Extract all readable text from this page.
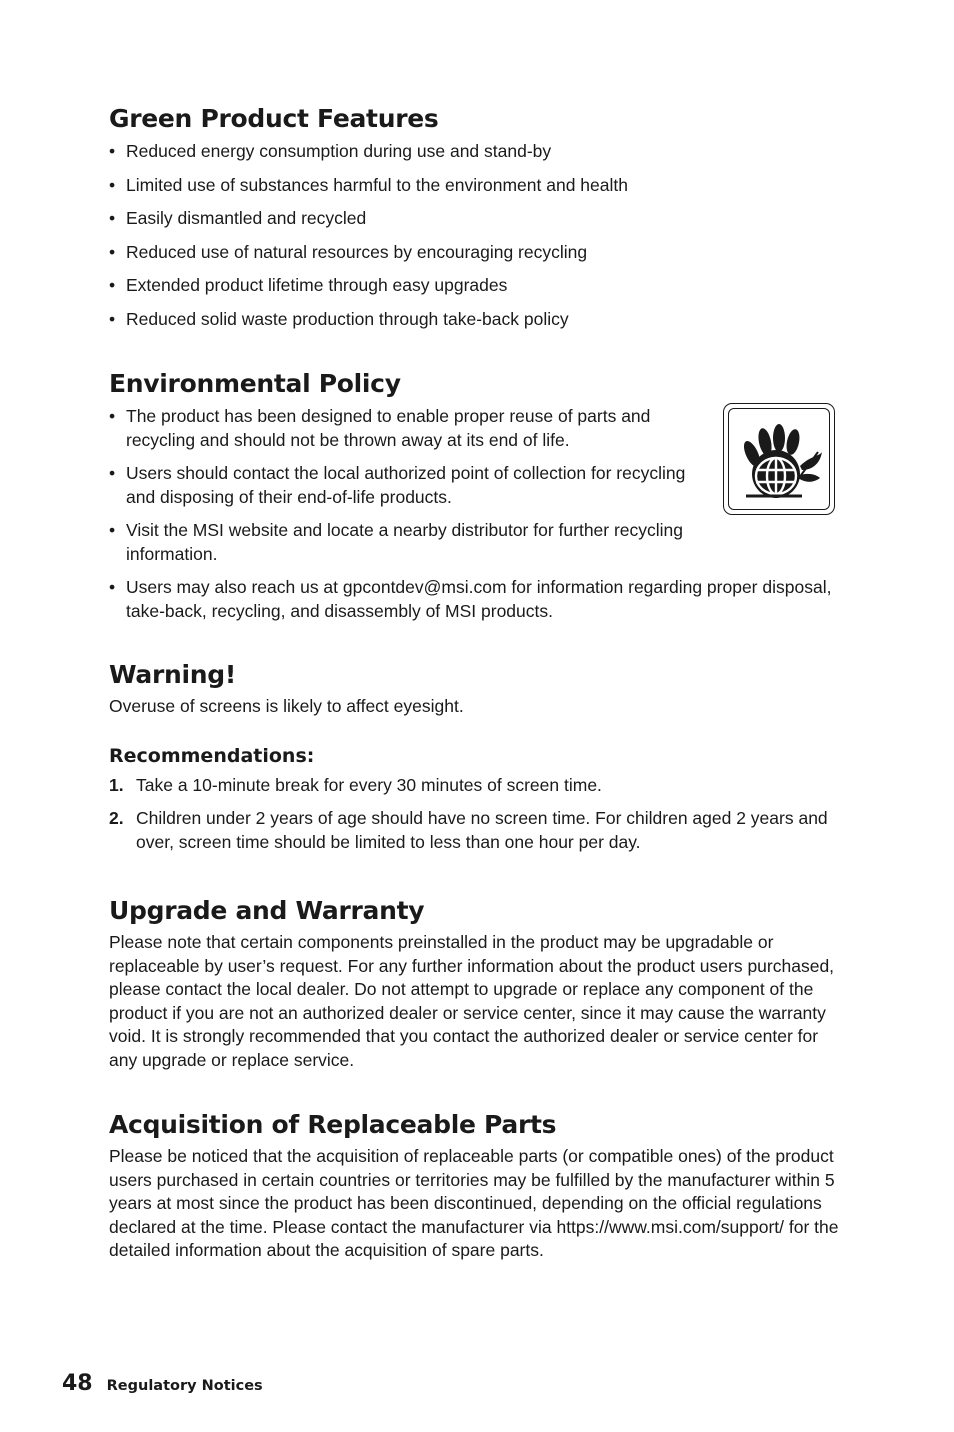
Green Product Features
• Reduced energy consumption during use and stand-by
• Limited use of substances harmful to the environment and health
• Easily dismantled and recycled
• Reduced use of natural resources by encouraging recycling
• Extended product lifetime through easy upgrades
• Reduced solid waste production through take-back policy
Environmental Policy
• The product has been designed to enable proper reuse of parts and recycling and should not be thrown away at its end of life.
• Users should contact the local authorized point of collection for recycling and disposing of their end-of-life products.
• Visit the MSI website and locate a nearby distributor for further recycling information.
• Users may also reach us at gpcontdev@msi.com for information regarding proper disposal, take-back, recycling, and disassembly of MSI products.
Warning!

Overuse of screens is likely to affect eyesight.

Recommendations:
1. Take a 10-minute break for every 30 minutes of screen time.
2. Children under 2 years of age should have no screen time. For children aged 2 years and over, screen time should be limited to less than one hour per day.
Upgrade and Warranty

Please note that certain components preinstalled in the product may be upgradable or replaceable by user’s request. For any further information about the product users purchased, please contact the local dealer. Do not attempt to upgrade or replace any component of the product if you are not an authorized dealer or service center, since it may cause the warranty void. It is strongly recommended that you contact the authorized dealer or service center for any upgrade or replace service.

Acquisition of Replaceable Parts

Please be noticed that the acquisition of replaceable parts (or compatible ones) of the product users purchased in certain countries or territories may be fulfilled by the manufacturer within 5 years at most since the product has been discontinued, depending on the official regulations declared at the time. Please contact the manufacturer via https://www.msi.com/support/ for the detailed information about the acquisition of spare parts.

48 Regulatory Notices
